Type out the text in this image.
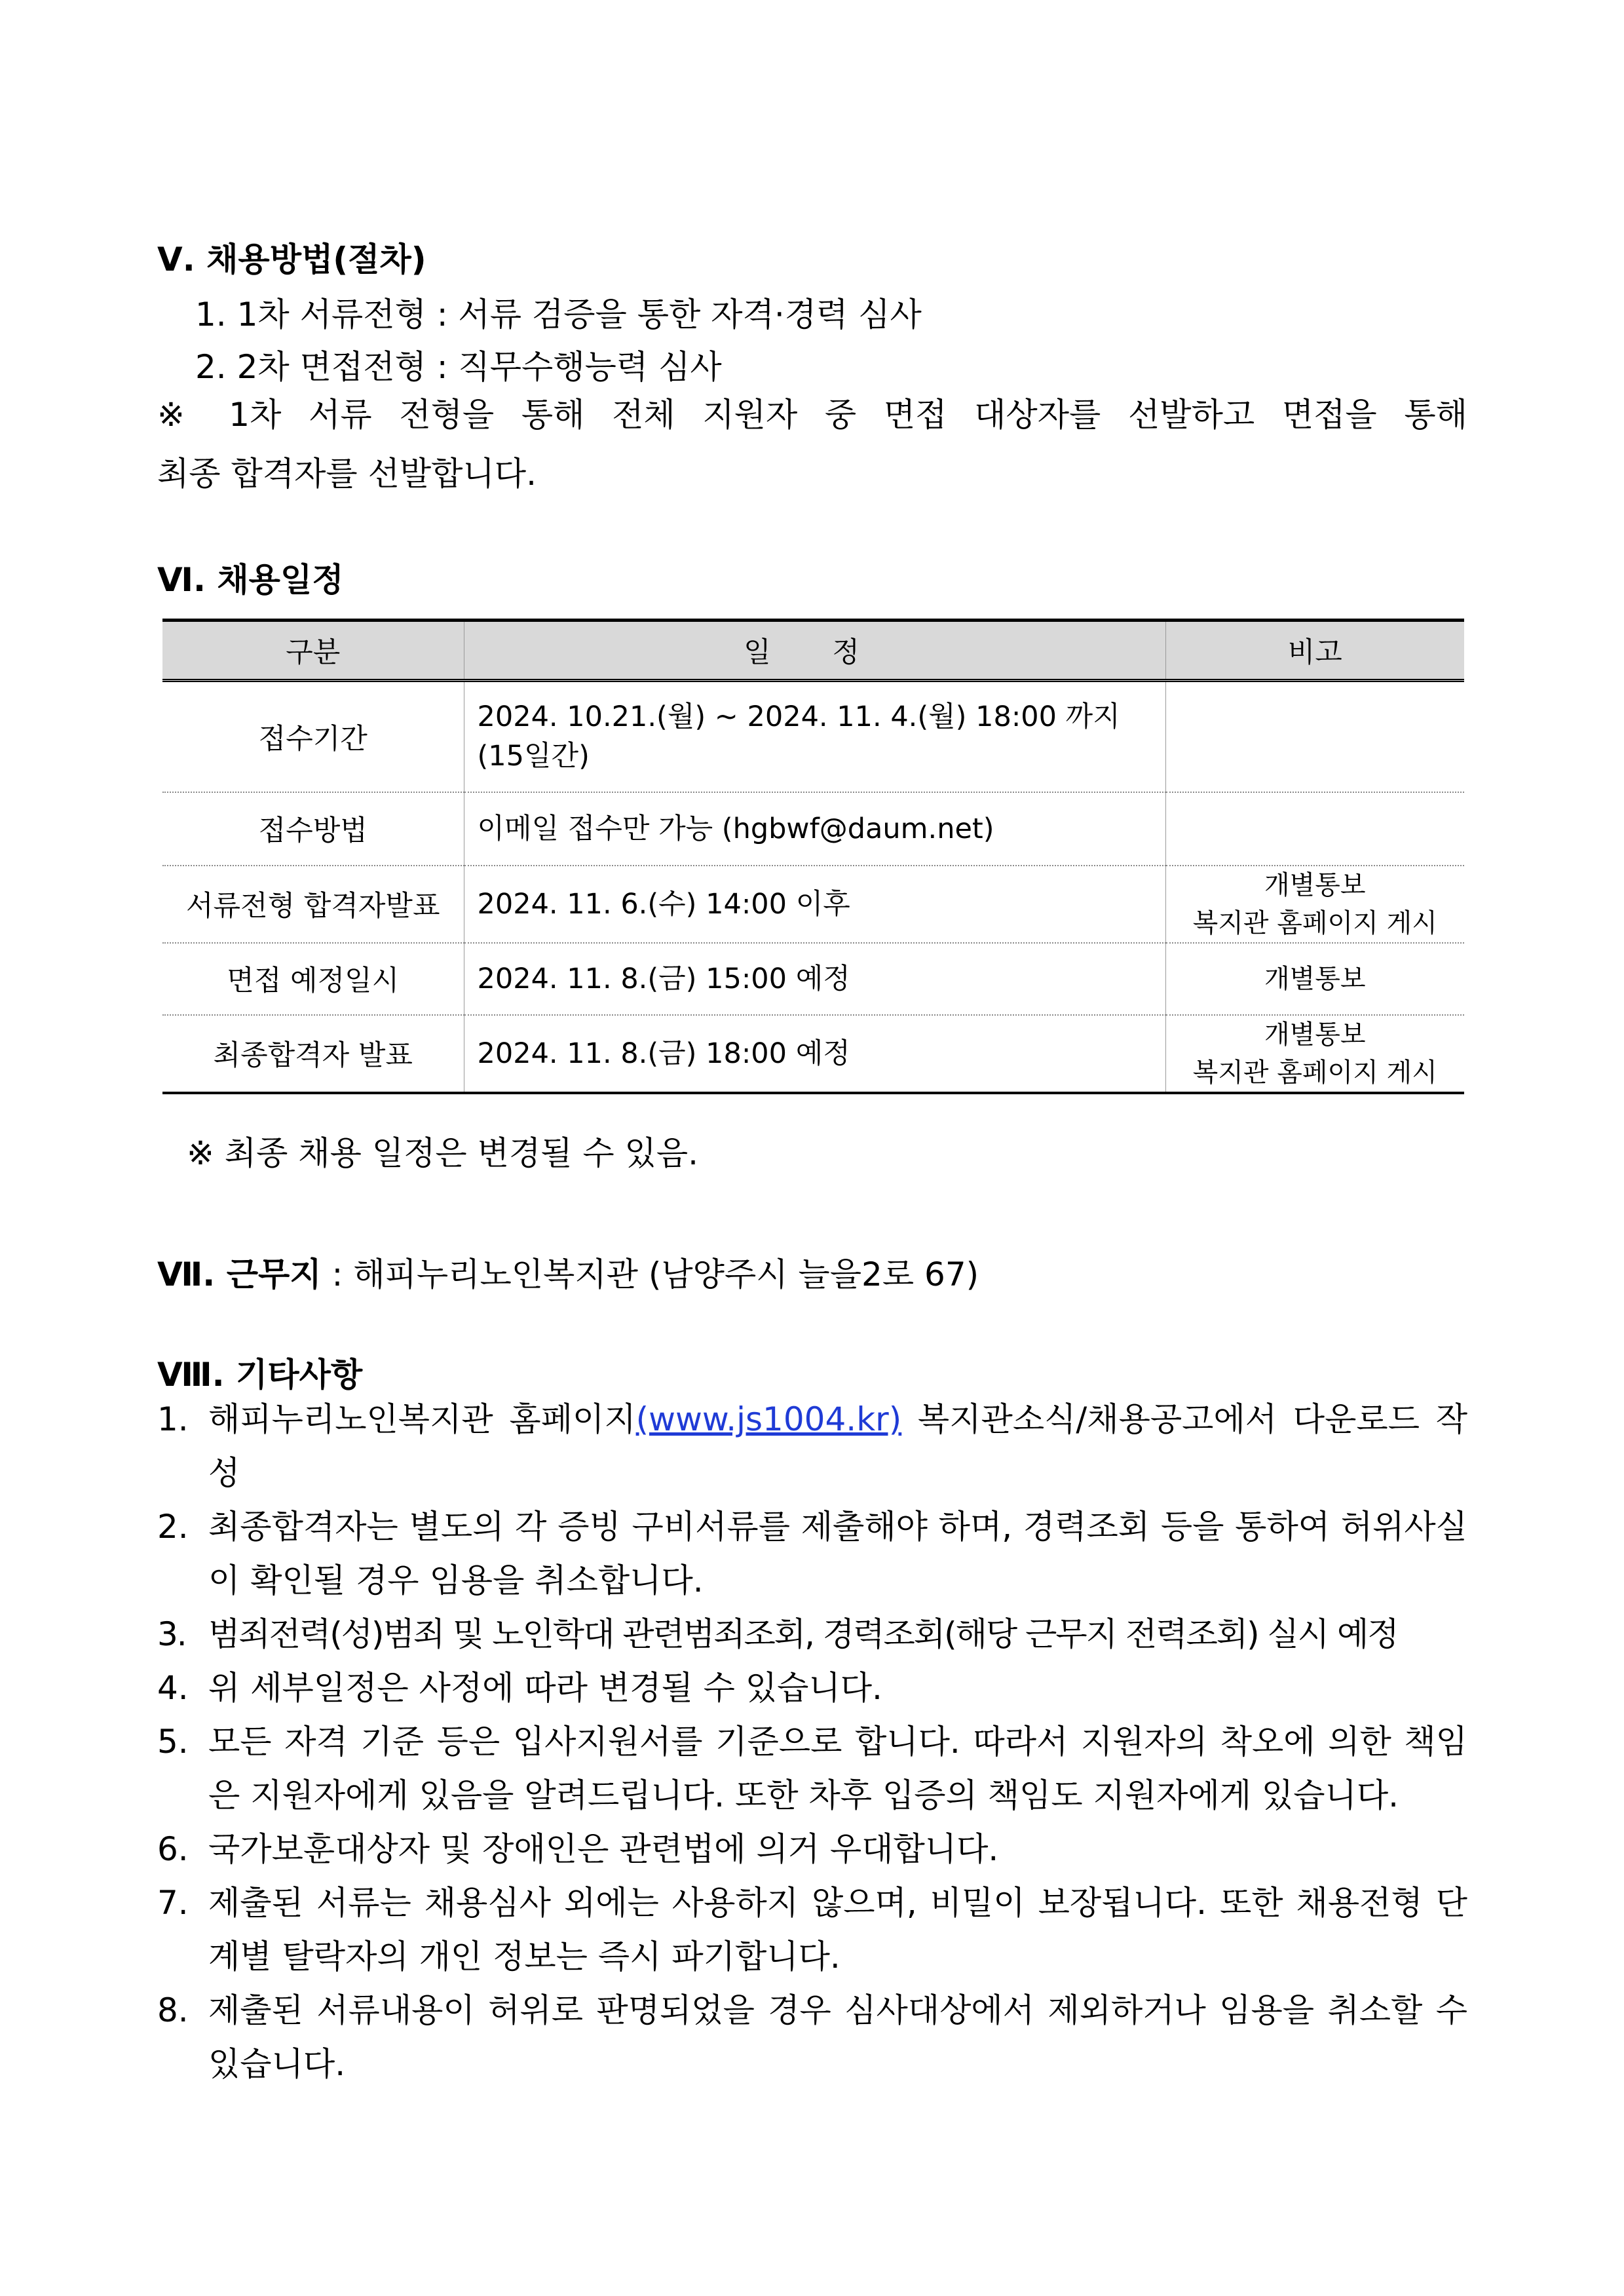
Ⅴ. 채용방법(절차)
1. 1차 서류전형 : 서류 검증을 통한 자격·경력 심사
2. 2차 면접전형 : 직무수행능력 심사
※ 1차 서류 전형을 통해 전체 지원자 중 면접 대상자를 선발하고 면접을 통해
최종 합격자를 선발합니다.
Ⅵ. 채용일정
구분	일 정	비고
접수기간	2024. 10.21.(월) ~ 2024. 11. 4.(월) 18:00 까지 (15일간)	

접수방법	이메일 접수만 가능 (hgbwf@daum.net)	

서류전형 합격자발표	2024. 11. 6.(수) 14:00 이후	개별통보
복지관 홈페이지 게시

면접 예정일시	2024. 11. 8.(금) 15:00 예정	개별통보

최종합격자 발표	2024. 11. 8.(금) 18:00 예정	개별통보
복지관 홈페이지 게시
※ 최종 채용 일정은 변경될 수 있음.
Ⅶ. 근무지 : 해피누리노인복지관 (남양주시 늘을2로 67)
Ⅷ. 기타사항
1. 해피누리노인복지관 홈페이지(www.js1004.kr) 복지관소식/채용공고에서 다운로드 작성
2. 최종합격자는 별도의 각 증빙 구비서류를 제출해야 하며, 경력조회 등을 통하여 허위사실이 확인될 경우 임용을 취소합니다.
3. 범죄전력(성)범죄 및 노인학대 관련범죄조회, 경력조회(해당 근무지 전력조회) 실시 예정
4. 위 세부일정은 사정에 따라 변경될 수 있습니다.
5. 모든 자격 기준 등은 입사지원서를 기준으로 합니다. 따라서 지원자의 착오에 의한 책임은 지원자에게 있음을 알려드립니다. 또한 차후 입증의 책임도 지원자에게 있습니다.
6. 국가보훈대상자 및 장애인은 관련법에 의거 우대합니다.
7. 제출된 서류는 채용심사 외에는 사용하지 않으며, 비밀이 보장됩니다. 또한 채용전형 단계별 탈락자의 개인 정보는 즉시 파기합니다.
8. 제출된 서류내용이 허위로 판명되었을 경우 심사대상에서 제외하거나 임용을 취소할 수 있습니다.
